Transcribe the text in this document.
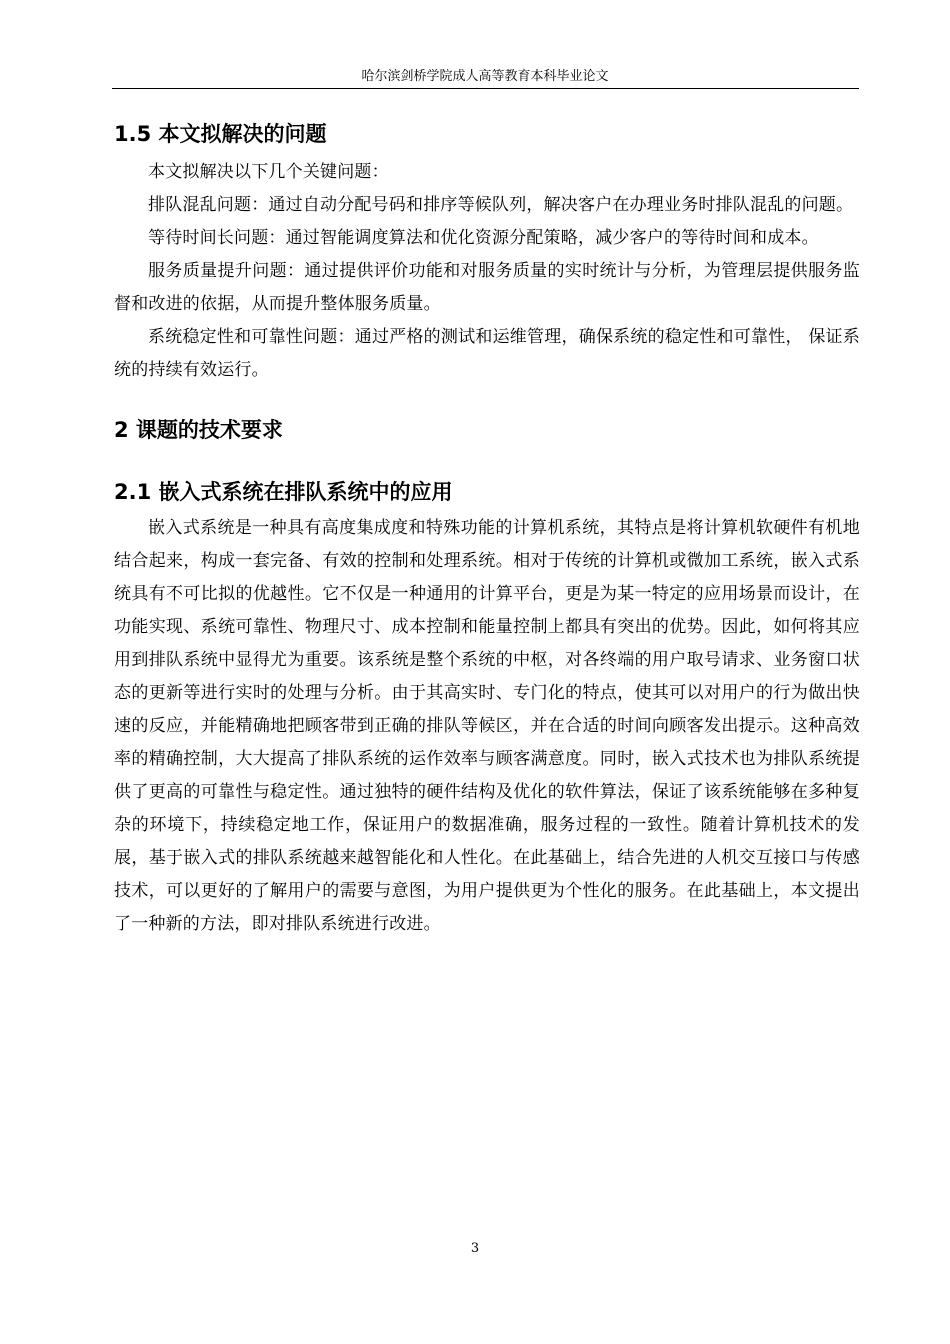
哈尔滨剑桥学院成人高等教育本科毕业论文
1.5 本文拟解决的问题

本文拟解决以下几个关键问题：

排队混乱问题：通过自动分配号码和排序等候队列，解决客户在办理业务时排队混乱的问题。

等待时间长问题：通过智能调度算法和优化资源分配策略，减少客户的等待时间和成本。

服务质量提升问题：通过提供评价功能和对服务质量的实时统计与分析，为管理层提供服务监督和改进的依据，从而提升整体服务质量。

系统稳定性和可靠性问题：通过严格的测试和运维管理，确保系统的稳定性和可靠性， 保证系统的持续有效运行。

2 课题的技术要求
2.1 嵌入式系统在排队系统中的应用

嵌入式系统是一种具有高度集成度和特殊功能的计算机系统，其特点是将计算机软硬件有机地结合起来，构成一套完备、有效的控制和处理系统。相对于传统的计算机或微加工系统，嵌入式系统具有不可比拟的优越性。它不仅是一种通用的计算平台，更是为某一特定的应用场景而设计，在功能实现、系统可靠性、物理尺寸、成本控制和能量控制上都具有突出的优势。因此，如何将其应用到排队系统中显得尤为重要。该系统是整个系统的中枢，对各终端的用户取号请求、业务窗口状态的更新等进行实时的处理与分析。由于其高实时、专门化的特点，使其可以对用户的行为做出快速的反应，并能精确地把顾客带到正确的排队等候区，并在合适的时间向顾客发出提示。这种高效率的精确控制，大大提高了排队系统的运作效率与顾客满意度。同时，嵌入式技术也为排队系统提供了更高的可靠性与稳定性。通过独特的硬件结构及优化的软件算法，保证了该系统能够在多种复杂的环境下，持续稳定地工作，保证用户的数据准确，服务过程的一致性。随着计算机技术的发展，基于嵌入式的排队系统越来越智能化和人性化。在此基础上，结合先进的人机交互接口与传感技术，可以更好的了解用户的需要与意图，为用户提供更为个性化的服务。在此基础上，本文提出了一种新的方法，即对排队系统进行改进。

3
